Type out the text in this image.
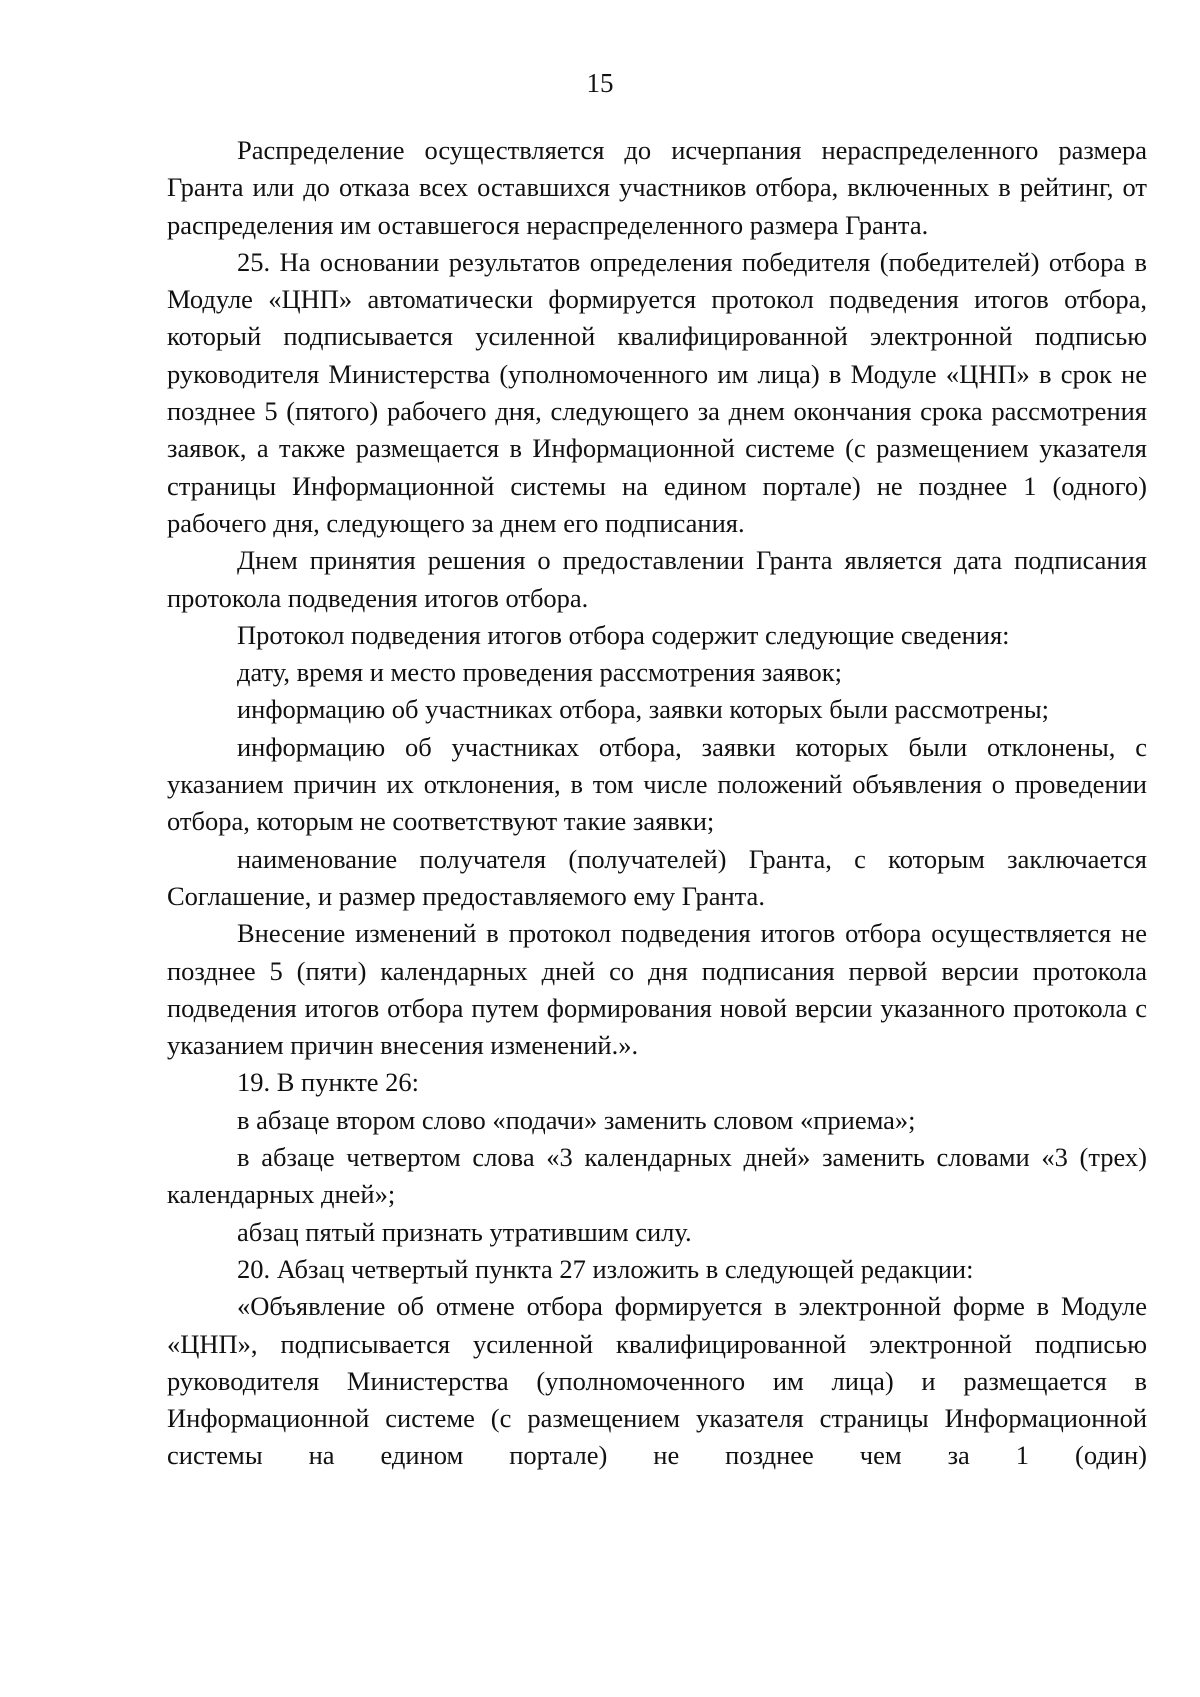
15

Распределение осуществляется до исчерпания нераспределенного размера Гранта или до отказа всех оставшихся участников отбора, включенных в рейтинг, от распределения им оставшегося нераспределенного размера Гранта.

25. На основании результатов определения победителя (победителей) отбора в Модуле «ЦНП» автоматически формируется протокол подведения итогов отбора, который подписывается усиленной квалифицированной электронной подписью руководителя Министерства (уполномоченного им лица) в Модуле «ЦНП» в срок не позднее 5 (пятого) рабочего дня, следующего за днем окончания срока рассмотрения заявок, а также размещается в Информационной системе (с размещением указателя страницы Информационной системы на едином портале) не позднее 1 (одного) рабочего дня, следующего за днем его подписания.

Днем принятия решения о предоставлении Гранта является дата подписания протокола подведения итогов отбора.

Протокол подведения итогов отбора содержит следующие сведения:

дату, время и место проведения рассмотрения заявок;

информацию об участниках отбора, заявки которых были рассмотрены;

информацию об участниках отбора, заявки которых были отклонены, с указанием причин их отклонения, в том числе положений объявления о проведении отбора, которым не соответствуют такие заявки;

наименование получателя (получателей) Гранта, с которым заключается Соглашение, и размер предоставляемого ему Гранта.

Внесение изменений в протокол подведения итогов отбора осуществляется не позднее 5 (пяти) календарных дней со дня подписания первой версии протокола подведения итогов отбора путем формирования новой версии указанного протокола с указанием причин внесения изменений.».

19. В пункте 26:

в абзаце втором слово «подачи» заменить словом «приема»;

в абзаце четвертом слова «3 календарных дней» заменить словами «3 (трех) календарных дней»;

абзац пятый признать утратившим силу.

20. Абзац четвертый пункта 27 изложить в следующей редакции:

«Объявление об отмене отбора формируется в электронной форме в Модуле «ЦНП», подписывается усиленной квалифицированной электронной подписью руководителя Министерства (уполномоченного им лица) и размещается в Информационной системе (с размещением указателя страницы Информационной системы на едином портале) не позднее чем за 1 (один)
